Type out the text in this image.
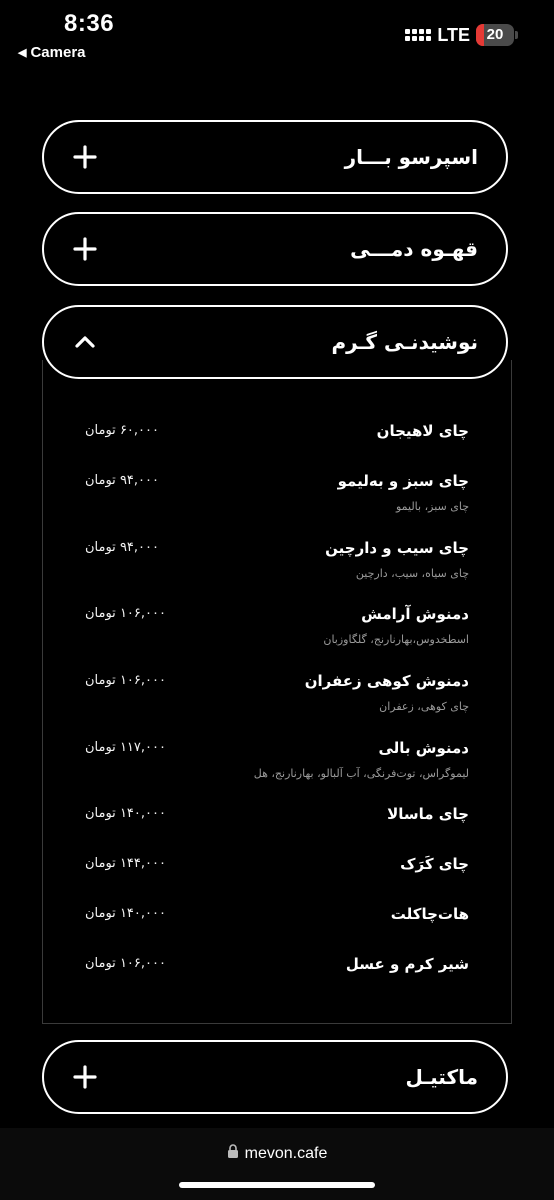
8:36
◀ Camera
LTE	20
اسپرسو بـــار
قهـوه دمـــی
نوشیدنـی گـرم
چای لاهیجان
۶۰,۰۰۰ تومان
چای سبز و به‌لیمو
چای سبز، بالیمو
۹۴,۰۰۰ تومان
چای سیب و دارچین
چای سیاه، سیب، دارچین
۹۴,۰۰۰ تومان
دمنوش آرامش
اسطخدوس،بهارنارنج، گلگاوزبان
۱۰۶,۰۰۰ تومان
دمنوش کوهی زعفران
چای کوهی، زعفران
۱۰۶,۰۰۰ تومان
دمنوش بالی
لیموگراس، توت‌فرنگی، آب آلبالو، بهارنارنج، هل
۱۱۷,۰۰۰ تومان
چای ماسالا
۱۴۰,۰۰۰ تومان
چای کَرَک
۱۴۴,۰۰۰ تومان
هات‌چاکلت
۱۴۰,۰۰۰ تومان
شیر کرم و عسل
۱۰۶,۰۰۰ تومان
ماکتیـل
mevon.cafe
